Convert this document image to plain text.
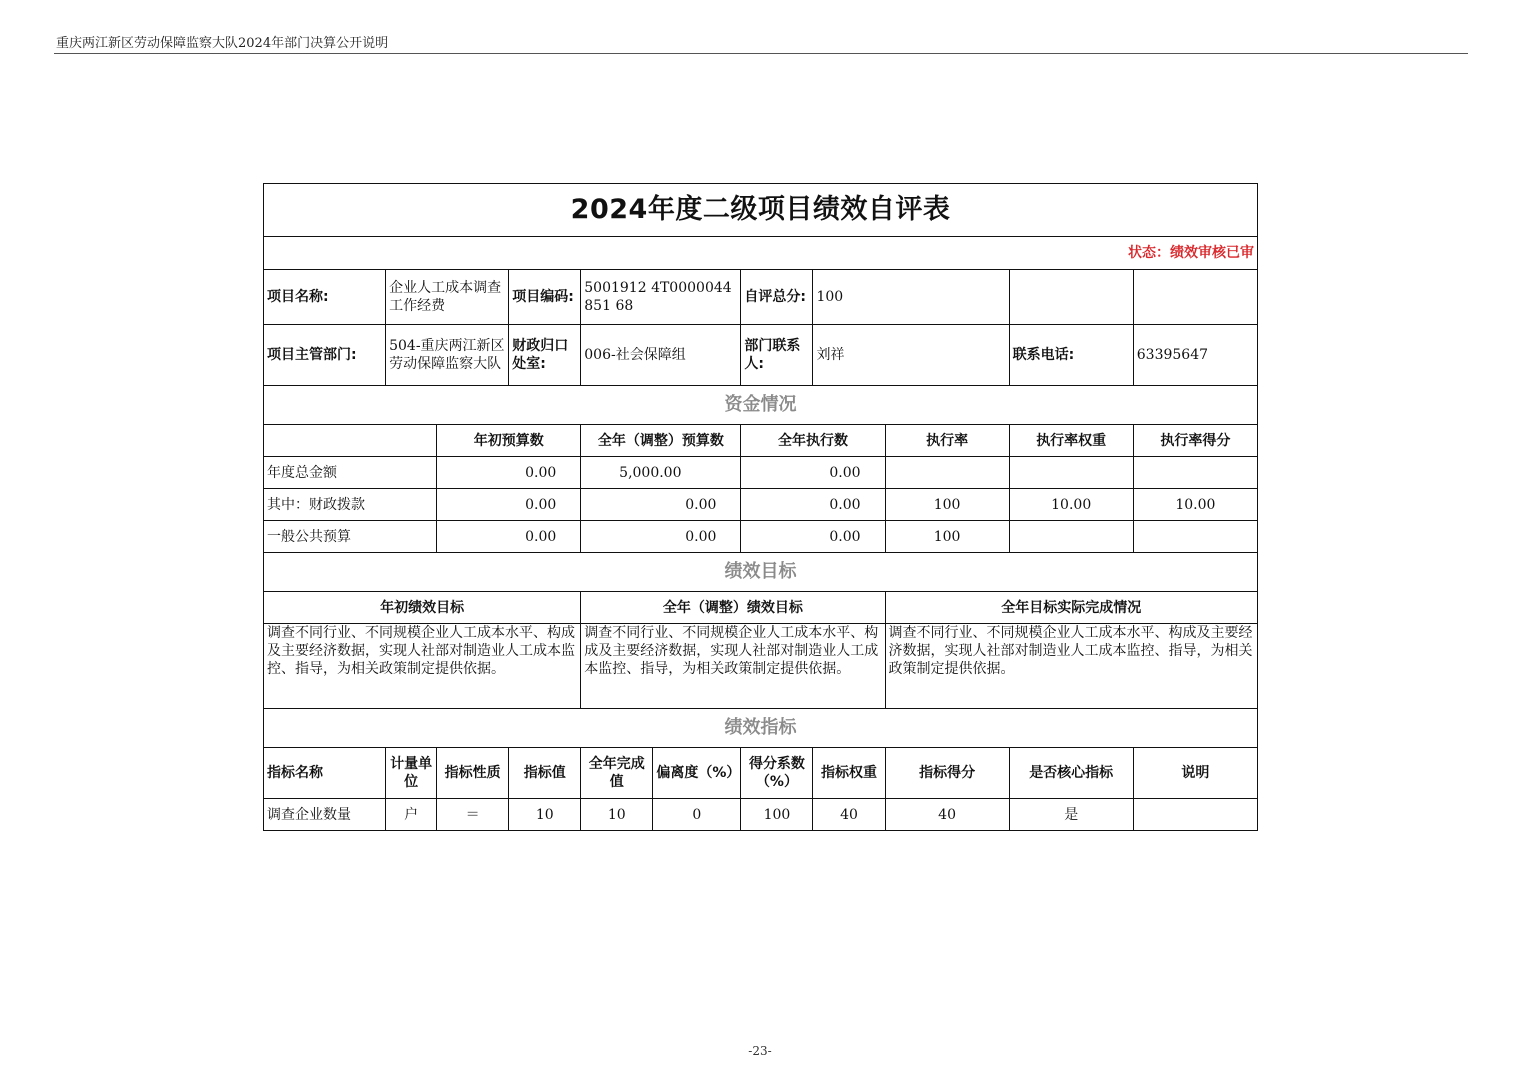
重庆两江新区劳动保障监察大队2024年部门决算公开说明
2024年度二级项目绩效自评表										
状态：绩效审核已审										
项目名称:	企业人工成本调查工作经费		项目编码:	5001912 4T0000044851 68		自评总分:	100			
项目主管部门:	504-重庆两江新区劳动保障监察大队		财政归口处室:	006-社会保障组		部门联系人:	刘祥		联系电话:	63395647
资金情况										
		年初预算数		全年（调整）预算数		全年执行数		执行率	执行率权重	执行率得分
年度总金额		0.00		5,000.00		0.00				
其中：财政拨款		0.00		0.00		0.00		100	10.00	10.00
一般公共预算		0.00		0.00		0.00		100		
绩效目标										
年初绩效目标				全年（调整）绩效目标				全年目标实际完成情况		
调查不同行业、不同规模企业人工成本水平、构成及主要经济数据，实现人社部对制造业人工成本监控、指导，为相关政策制定提供依据。				调查不同行业、不同规模企业人工成本水平、构成及主要经济数据，实现人社部对制造业人工成本监控、指导，为相关政策制定提供依据。				调查不同行业、不同规模企业人工成本水平、构成及主要经济数据，实现人社部对制造业人工成本监控、指导，为相关政策制定提供依据。		
绩效指标										
指标名称	计量单位	指标性质	指标值	全年完成值	偏离度（%）	得分系数（%）	指标权重	指标得分	是否核心指标	说明
调查企业数量	户	＝	10	10	0	100	40	40	是	
-23-
